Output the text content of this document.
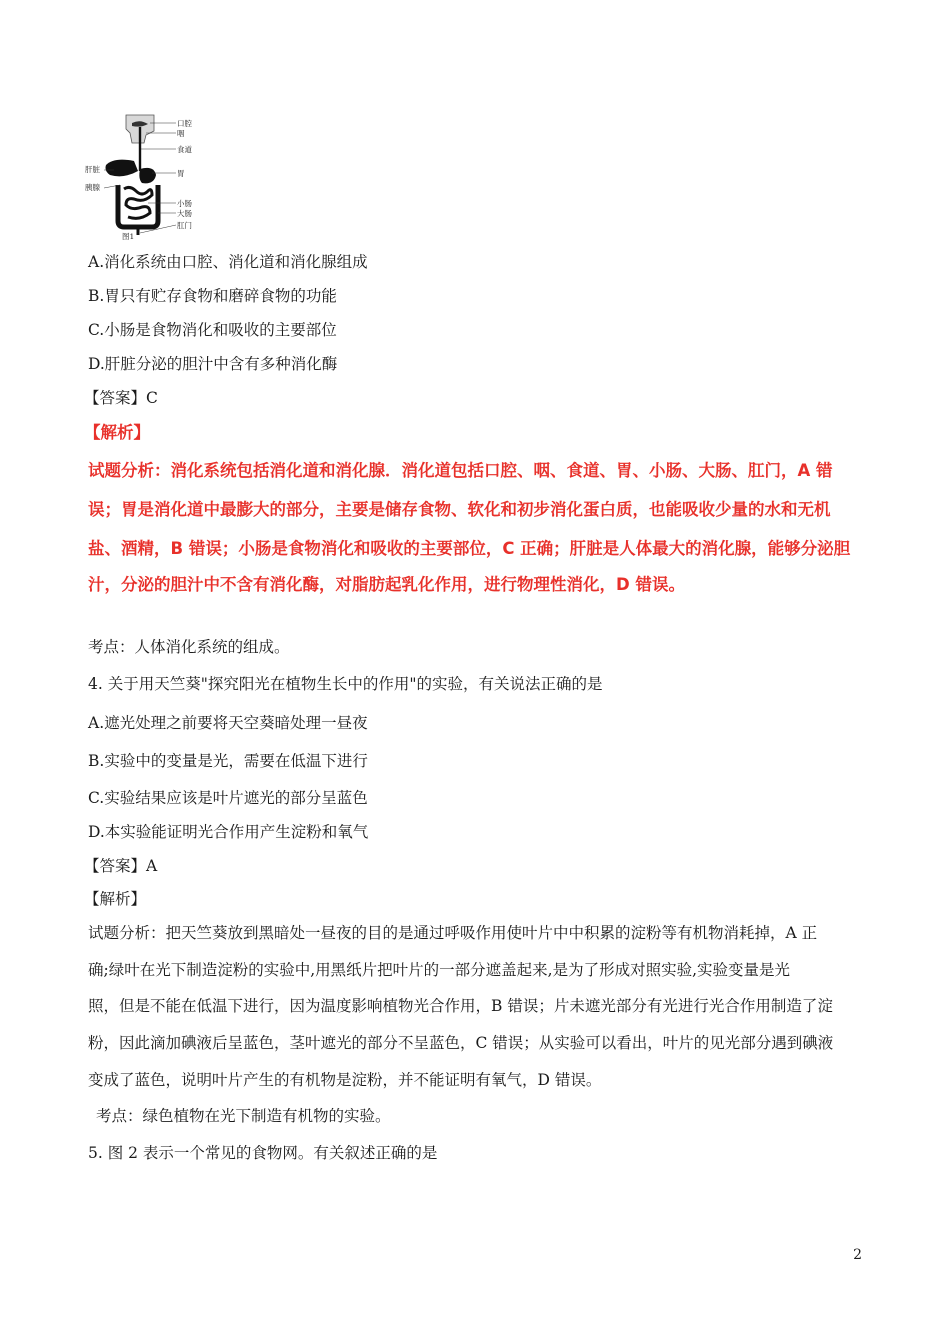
口腔
咽
食道
肝脏	胃
胰腺
小肠
大肠
肛门
图1
A.消化系统由口腔、消化道和消化腺组成
B.胃只有贮存食物和磨碎食物的功能
C.小肠是食物消化和吸收的主要部位
D.肝脏分泌的胆汁中含有多种消化酶
【答案】C
【解析】
试题分析：消化系统包括消化道和消化腺．消化道包括口腔、咽、食道、胃、小肠、大肠、肛门，A 错
误；胃是消化道中最膨大的部分，主要是储存食物、软化和初步消化蛋白质，也能吸收少量的水和无机
盐、酒精，B 错误；小肠是食物消化和吸收的主要部位，C 正确；肝脏是人体最大的消化腺，能够分泌胆
汁，分泌的胆汁中不含有消化酶，对脂肪起乳化作用，进行物理性消化，D 错误。
考点：人体消化系统的组成。
4. 关于用天竺葵"探究阳光在植物生长中的作用"的实验，有关说法正确的是
A.遮光处理之前要将天空葵暗处理一昼夜
B.实验中的变量是光，需要在低温下进行
C.实验结果应该是叶片遮光的部分呈蓝色
D.本实验能证明光合作用产生淀粉和氧气
【答案】A
【解析】
试题分析：把天竺葵放到黑暗处一昼夜的目的是通过呼吸作用使叶片中中积累的淀粉等有机物消耗掉，A 正
确;绿叶在光下制造淀粉的实验中,用黑纸片把叶片的一部分遮盖起来,是为了形成对照实验,实验变量是光
照，但是不能在低温下进行，因为温度影响植物光合作用，B 错误；片未遮光部分有光进行光合作用制造了淀
粉，因此滴加碘液后呈蓝色，茎叶遮光的部分不呈蓝色，C 错误；从实验可以看出，叶片的见光部分遇到碘液
变成了蓝色，说明叶片产生的有机物是淀粉，并不能证明有氧气，D 错误。
考点：绿色植物在光下制造有机物的实验。
5. 图 2 表示一个常见的食物网。有关叙述正确的是
2
